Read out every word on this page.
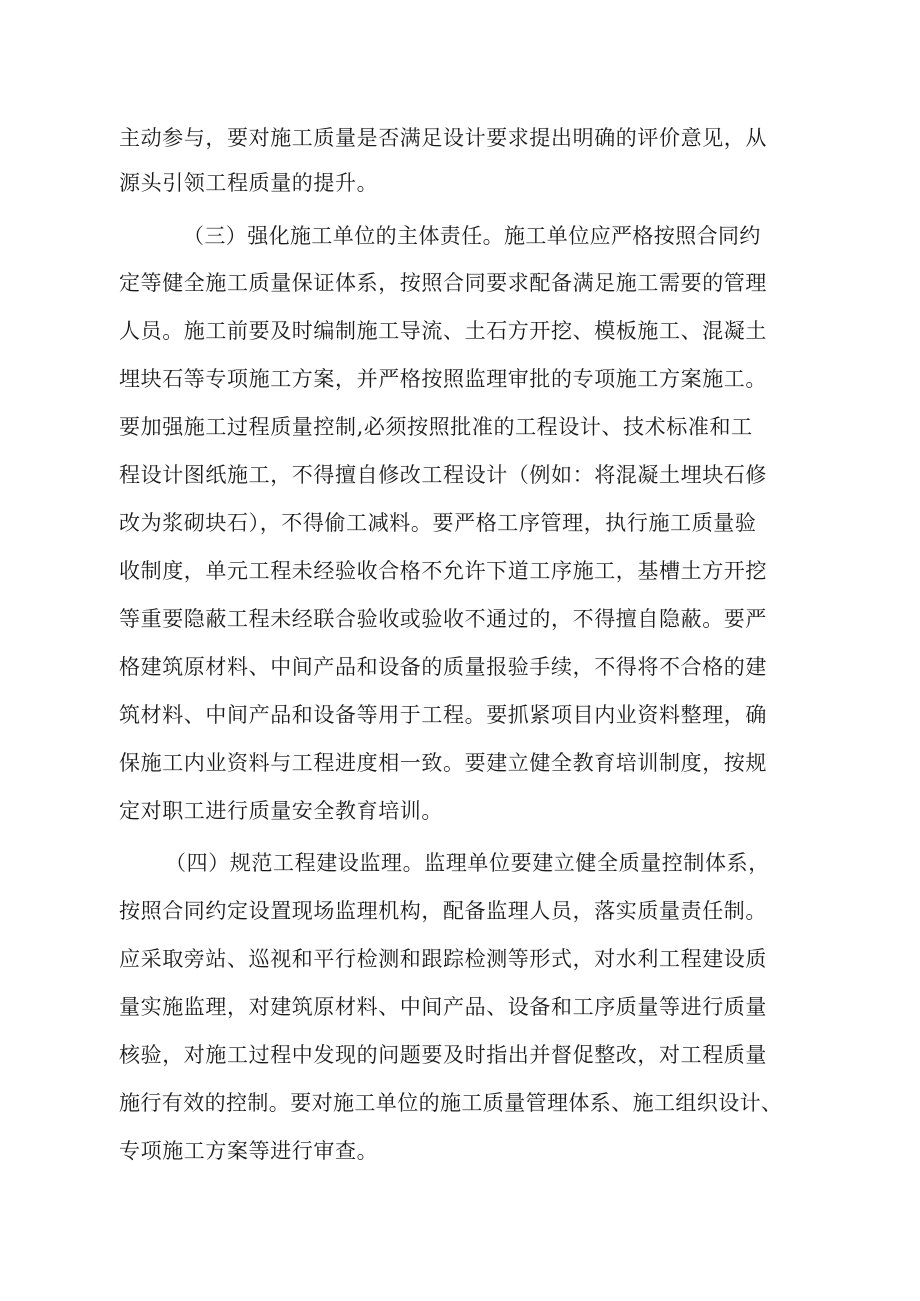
主动参与，要对施工质量是否满足设计要求提出明确的评价意见，从
源头引领工程质量的提升。
（三）强化施工单位的主体责任。施工单位应严格按照合同约
定等健全施工质量保证体系，按照合同要求配备满足施工需要的管理
人员。施工前要及时编制施工导流、土石方开挖、模板施工、混凝土
埋块石等专项施工方案，并严格按照监理审批的专项施工方案施工。
要加强施工过程质量控制,必须按照批准的工程设计、技术标准和工
程设计图纸施工，不得擅自修改工程设计（例如：将混凝土埋块石修
改为浆砌块石），不得偷工减料。要严格工序管理，执行施工质量验
收制度，单元工程未经验收合格不允许下道工序施工，基槽土方开挖
等重要隐蔽工程未经联合验收或验收不通过的，不得擅自隐蔽。要严
格建筑原材料、中间产品和设备的质量报验手续，不得将不合格的建
筑材料、中间产品和设备等用于工程。要抓紧项目内业资料整理，确
保施工内业资料与工程进度相一致。要建立健全教育培训制度，按规
定对职工进行质量安全教育培训。
（四）规范工程建设监理。监理单位要建立健全质量控制体系，
按照合同约定设置现场监理机构，配备监理人员，落实质量责任制。
应采取旁站、巡视和平行检测和跟踪检测等形式，对水利工程建设质
量实施监理，对建筑原材料、中间产品、设备和工序质量等进行质量
核验，对施工过程中发现的问题要及时指出并督促整改，对工程质量
施行有效的控制。要对施工单位的施工质量管理体系、施工组织设计、
专项施工方案等进行审查。
